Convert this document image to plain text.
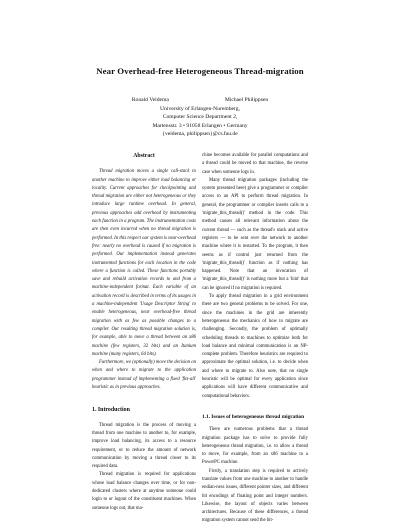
Near Overhead-free Heterogeneous Thread-migration
Ronald Veldema	Michael Philippsen
University of Erlangen-Nuremberg,
Computer Science Department 2,
Martensstr. 3 • 91058 Erlangen • Germany
{veldema, philippsen}@cs.fau.de
Abstract

Thread migration moves a single call-stack to another machine to improve either load balancing or locality. Current approaches for checkpointing and thread migration are either not heterogeneous or they introduce large runtime overhead. In general, previous approaches add overhead by instrumenting each function in a program. The instrumentation costs are then even incurred when no thread migration is performed. In this respect our system is near-overhead free: nearly no overhead is caused if no migration is performed. Our implementation instead generates instrumented functions for each location in the code where a function is called. These functions portably save and rebuild activation records to and from a machine-independent format. Each variable of an activation record is described in terms of its usages in a machine-independent 'Usage Descriptor String' to enable heterogeneous, near overhead-free thread migration with as few as possible changes to a compiler. Our resulting thread migration solution is, for example, able to move a thread between an x86 machine (few registers, 32 bits) and an Itanium machine (many registers, 64 bits).

Furthermore, we (optionally) move the decision on when and where to migrate to the application programmer instead of implementing a fixed 'fits-all' heuristic as in previous approaches.

1. Introduction

Thread migration is the process of moving a thread from one machine to another to, for example, improve load balancing, its access to a resource requirement, or to reduce the amount of network communication by moving a thread closer to its required data.

Thread migration is required for applications whose load balance changes over time, or for non-dedicated clusters where at anytime someone could login to or logout of the constituent machines. When someone logs out, that ma-

chine becomes available for parallel computations and a thread could be moved to that machine, the reverse case when someone logs in.

Many thread migration packages (including the system presented here) give a programmer or compiler access to an API to perform thread migration. In general, the programmer or compiler inserts calls to a 'migrate_this_thread()' method in the code. This method causes all relevant information about the current thread — such as the thread's stack and active registers — to be sent over the network to another machine where it is restarted. To the program, it then seems as if control just returned from the 'migrate_this_thread()' function as if nothing has happened. Note that an invocation of 'migrate_this_thread()' is nothing more but a 'hint' that can be ignored if no migration is required.

To apply thread migration in a grid environment there are two general problems to be solved. For one, since the machines in the grid are inherently heterogeneous the mechanics of how to migrate are challenging. Secondly, the problem of optimally scheduling threads to machines to optimize both for load balance and minimal communication is an NP-complete problem. Therefore heuristics are required to approximate the optimal solution, i.e. to decide when and where to migrate to. Also note, that no single heuristic will be optimal for every application since applications will have different communicative and computational behaviors.

1.1. Issues of heterogeneous thread migration

There are numerous problems that a thread migration package has to solve to provide fully heterogeneous thread migration, i.e. to allow a thread to move, for example, from an x86 machine to a PowerPC machine.

Firstly, a translation step is required to actively translate values from one machine to another to handle endian-ness issues, different pointer sizes, and different bit encodings of floating point and integer numbers. Likewise, the layout of objects varies between architectures. Because of these differences, a thread migration system cannot send the bit-
